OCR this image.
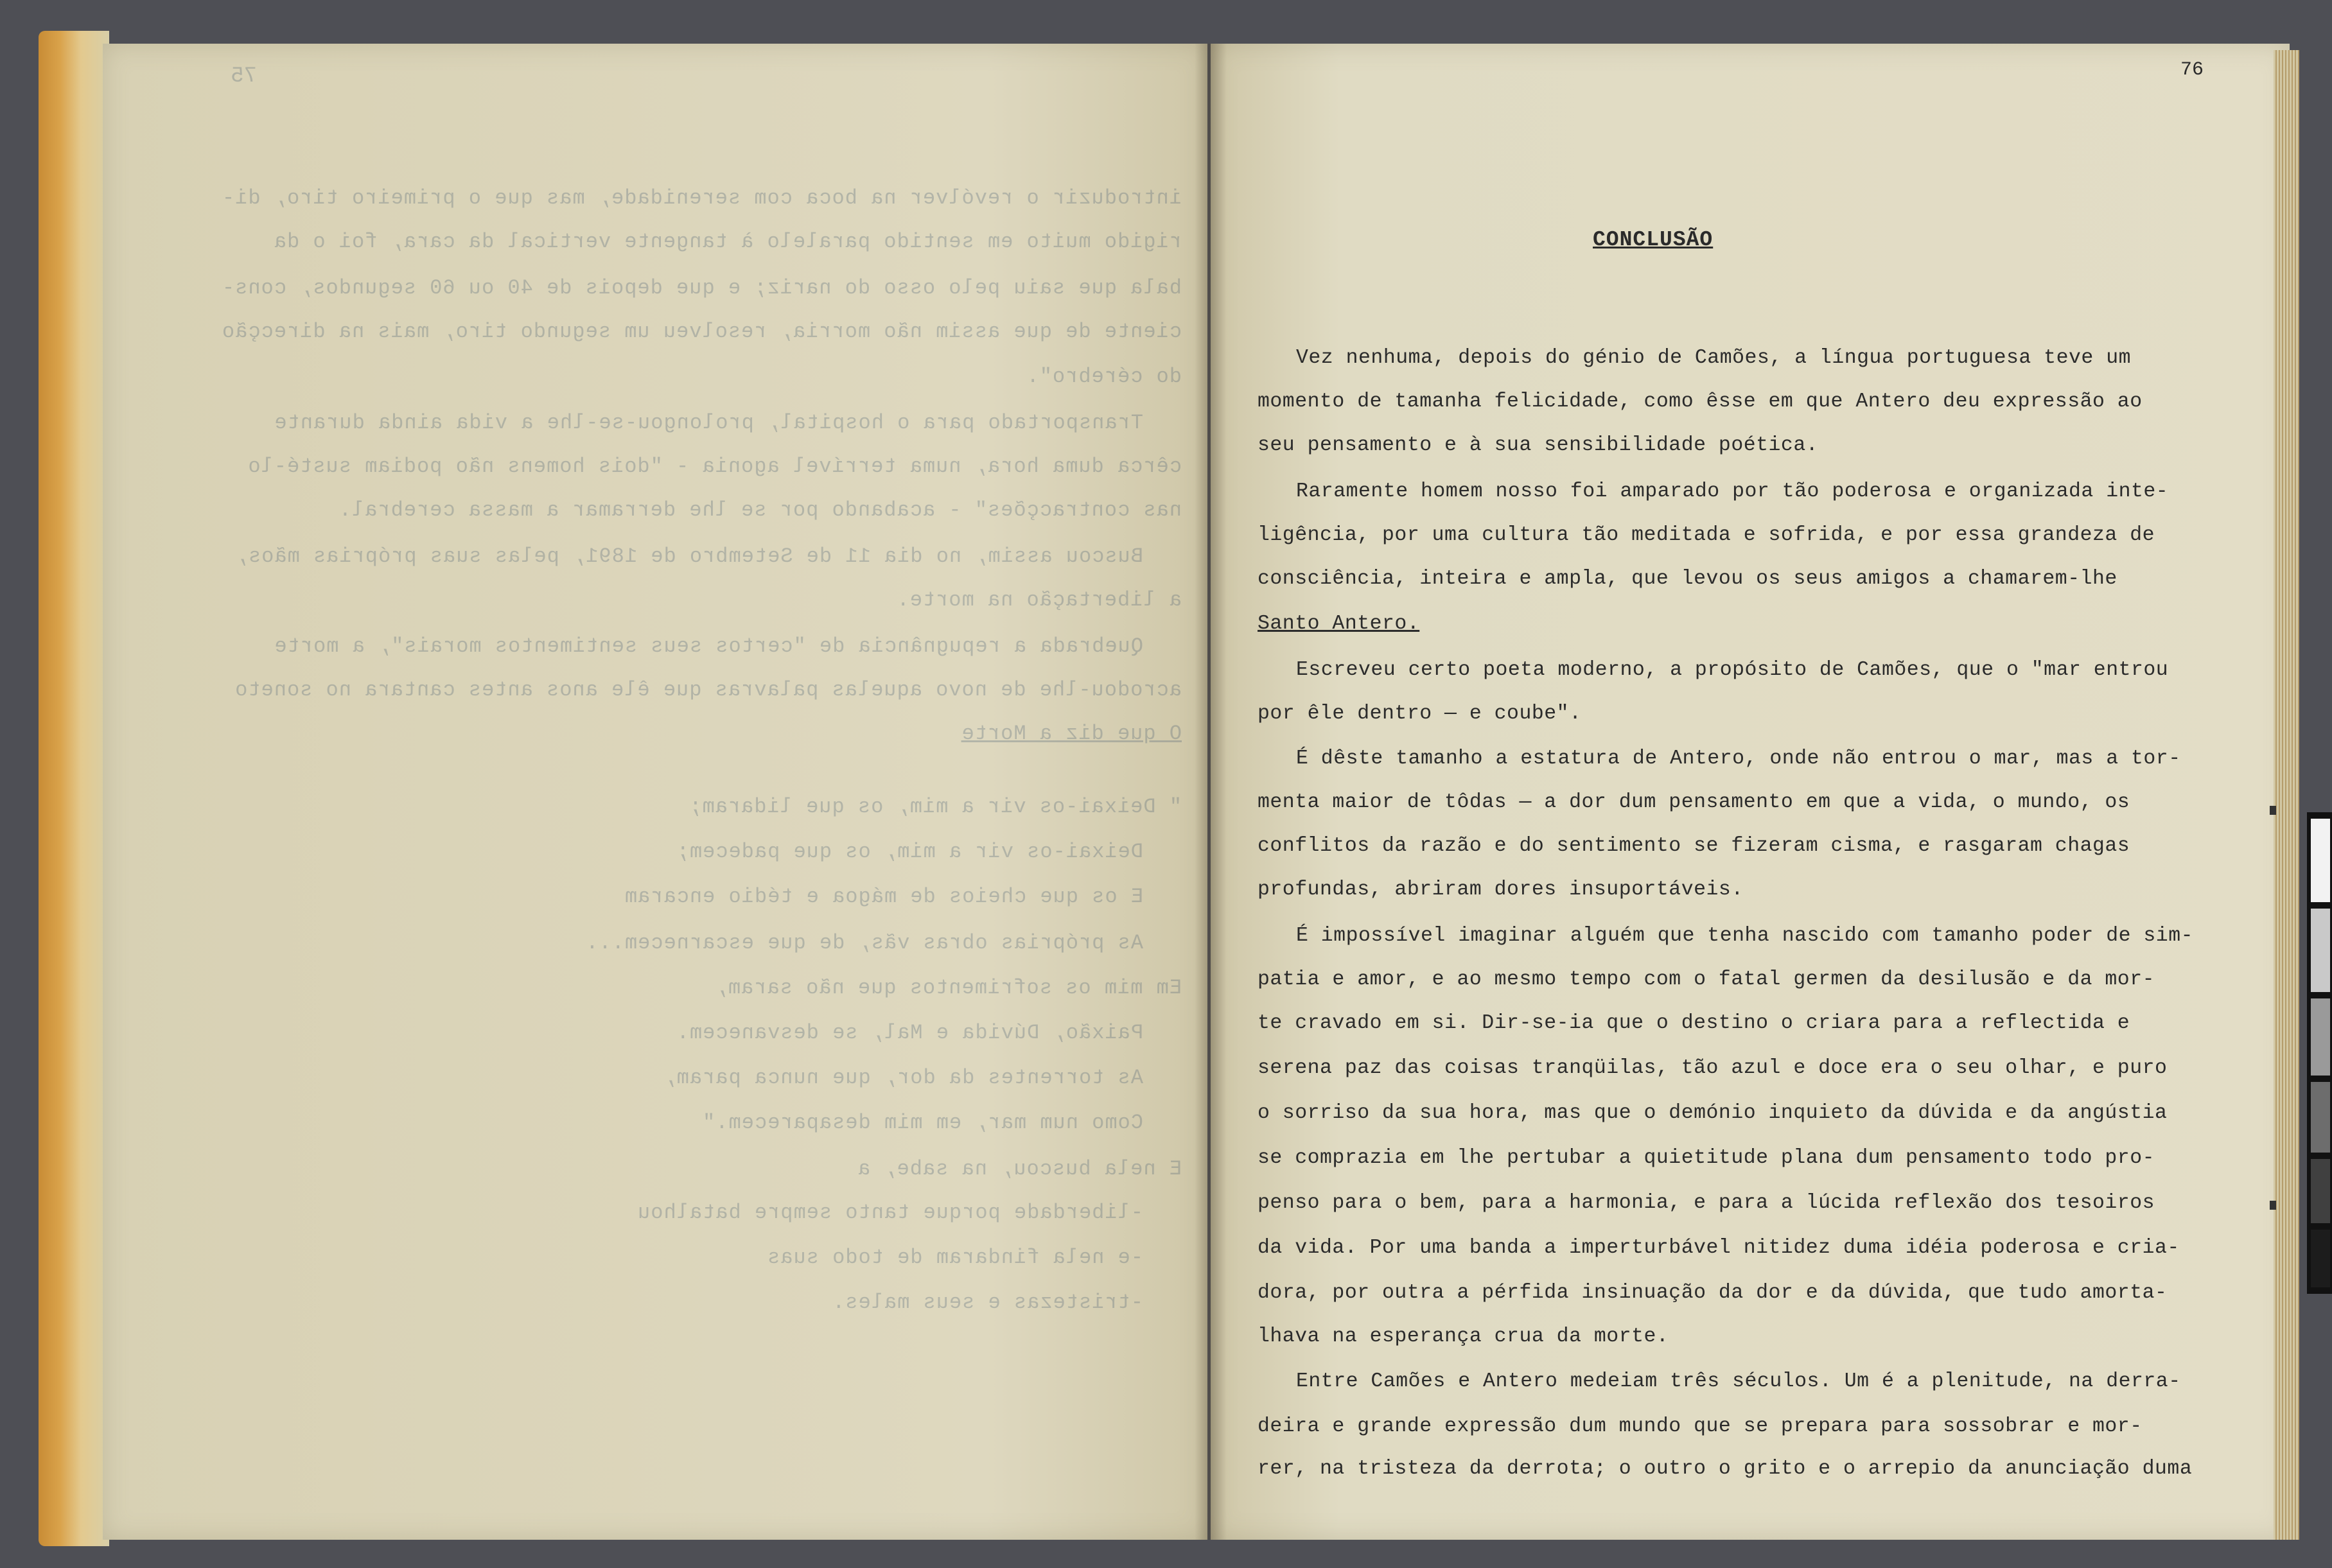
75
introduzir o revólver na boca com serenidade, mas que o primeiro tiro, di-
rigido muito em sentido paralelo à tangente vertical da cara, foi o da
bala que saiu pelo osso do nariz; e que depois de 40 ou 60 segundos, cons-
ciente de que assim não morria, resolveu um segundo tiro, mais na direcção
do cérebro".
Transportado para o hospital, prolongou-se-lhe a vida ainda durante
cêrca duma hora, numa terrível agonia - "dois homens não podiam susté-lo
nas contracções" - acabando por se lhe derramar a massa cerebral.
Buscou assim, no dia 11 de Setembro de 1891, pelas suas próprias mãos,
a libertação na morte.
Quebrada a repugnância de "certos seus sentimentos morais", a morte
acrodou-lhe de novo aquelas palavras que êle anos antes cantara no soneto
O que diz a Morte
" Deixai-os vir a mim, os que lidaram;
Deixai-os vir a mim, os que padecem;
E os que cheios de mágoa e tédio encaram
As próprias obras vãs, de que escarnecem...
Em mim os sofrimentos que não saram,
Paixão, Dúvida e Mal, se desvanecem.
As torrentes da dor, que nunca param,
Como num mar, em mim desaparecem."
E nela buscou, na sabe, a
-liberdade porque tanto sempre batalhou
-e nela findaram de todo suas
-tristezas e seus males.
76
CONCLUSÃO
Vez nenhuma, depois do génio de Camões, a língua portuguesa teve um
momento de tamanha felicidade, como êsse em que Antero deu expressão ao
seu pensamento e à sua sensibilidade poética.
Raramente homem nosso foi amparado por tão poderosa e organizada inte-
ligência, por uma cultura tão meditada e sofrida, e por essa grandeza de
consciência, inteira e ampla, que levou os seus amigos a chamarem-lhe
Santo Antero.
Escreveu certo poeta moderno, a propósito de Camões, que o "mar entrou
por êle dentro — e coube".
É dêste tamanho a estatura de Antero, onde não entrou o mar, mas a tor-
menta maior de tôdas — a dor dum pensamento em que a vida, o mundo, os
conflitos da razão e do sentimento se fizeram cisma, e rasgaram chagas
profundas, abriram dores insuportáveis.
É impossível imaginar alguém que tenha nascido com tamanho poder de sim-
patia e amor, e ao mesmo tempo com o fatal germen da desilusão e da mor-
te cravado em si. Dir-se-ia que o destino o criara para a reflectida e
serena paz das coisas tranqüilas, tão azul e doce era o seu olhar, e puro
o sorriso da sua hora, mas que o demónio inquieto da dúvida e da angústia
se comprazia em lhe pertubar a quietitude plana dum pensamento todo pro-
penso para o bem, para a harmonia, e para a lúcida reflexão dos tesoiros
da vida. Por uma banda a imperturbável nitidez duma idéia poderosa e cria-
dora, por outra a pérfida insinuação da dor e da dúvida, que tudo amorta-
lhava na esperança crua da morte.
Entre Camões e Antero medeiam três séculos. Um é a plenitude, na derra-
deira e grande expressão dum mundo que se prepara para sossobrar e mor-
rer, na tristeza da derrota; o outro o grito e o arrepio da anunciação duma
